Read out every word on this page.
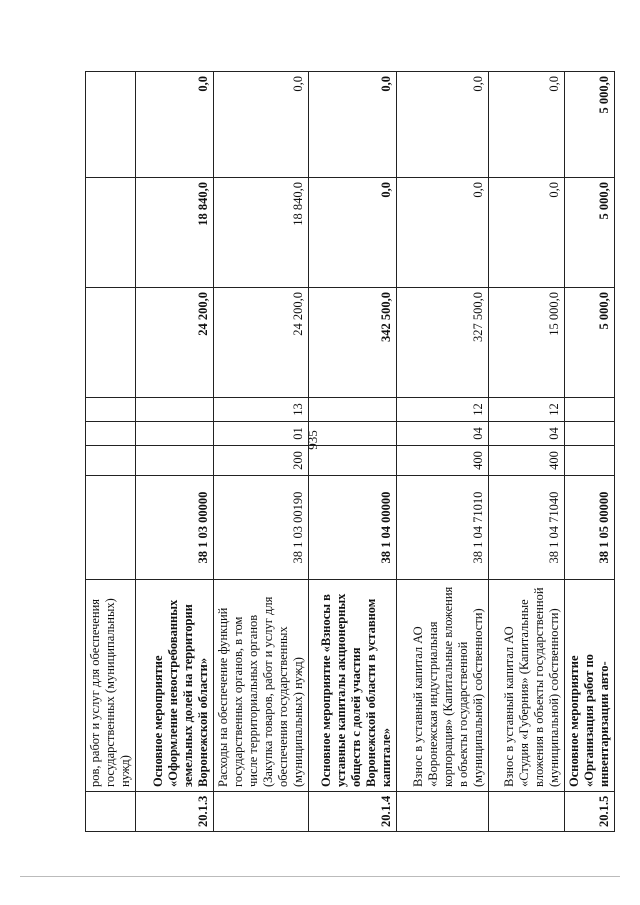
935
	ров, работ и услуг для обеспечения государственных (муниципальных) нужд)							
20.1.3	Основное мероприятие «Оформление невостребованных земельных долей на территории Воронежской области»	38 1 03 00000				24 200,0	18 840,0	0,0
	Расходы на обеспечение функций государственных органов, в том числе территориальных органов (Закупка товаров, работ и услуг для обеспечения государственных (муниципальных) нужд)	38 1 03 00190	200	01	13	24 200,0	18 840,0	0,0
20.1.4	Основное мероприятие «Взносы в уставные капиталы акционерных обществ с долей участия Воронежской области в уставном капитале»	38 1 04 00000				342 500,0	0,0	0,0
	Взнос в уставный капитал АО «Воронежская индустриальная корпорация» (Капитальные вложения в объекты государственной (муниципальной) собственности)	38 1 04 71010	400	04	12	327 500,0	0,0	0,0
	Взнос в уставный капитал АО «Студия «Губерния» (Капитальные вложения в объекты государственной (муниципальной) собственности)	38 1 04 71040	400	04	12	15 000,0	0,0	0,0
20.1.5	Основное мероприятие «Организация работ по инвентаризации авто-	38 1 05 00000				5 000,0	5 000,0	5 000,0
